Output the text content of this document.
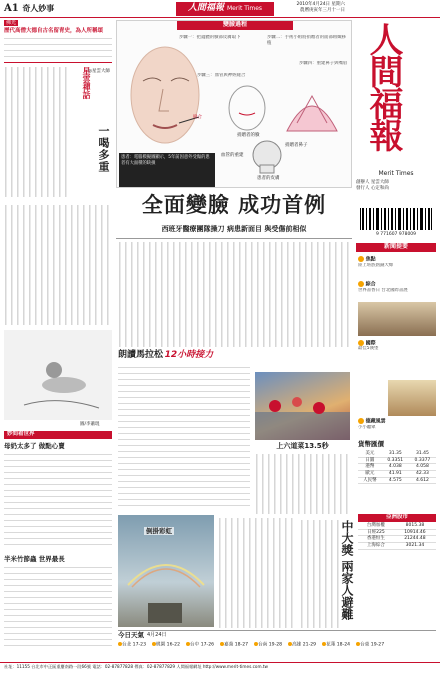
A1 奇人妙事	人間福報 Merit Times
2010年4月24日 星期六
農曆庚寅年三月十一日
佛光
歷代高僧大德自古名留青史，為人所稱頌
星雲禪話
◎星雲大師
一喝多重
圖/李蕭琨
妙問看世界
母奶太多了 做點心賣
半米竹節蟲 世界最長
變臉過程
步驟一：把遺體的臉部皮膚取下	步驟二：手術小組將捐贈者的面部組織移植
步驟三：血管與神經縫合
步驟四：重建鼻子與嘴唇
縫合
捐贈者的臉
捐贈者鼻子
血管的重建
患者的皮膚
患者：電腦模擬圖顯示，5年前因意外受傷的患者有大面積的缺損
全面變臉 成功首例
西班牙醫療團隊操刀 病患新面目 與受傷前相似
朗讀馬拉松 12小時接力
上六道菜13.5秒
倒掛彩虹
人間福報
Merit Times
創辦人 星雲大師
發行人 心定和尚
9 771607 978009
新聞提要
焦點
陸上班族熱錢大爆
綜合
世界書香日 台北國際書展
國際
最佳5漢堡
德藏風雲
小小聽眾
貨幣匯價
美元	31.35	31.45
日圓	0.3351	0.3377
港幣	4.038	4.058
歐元	41.91	42.33
人民幣	4.575	4.612
亞洲股市
台灣加權	8015.38
日經225	10914.46
香港恒生	21244.48
上海綜合	3021.34
中大獎 兩家人避難
今日天氣 4月24日
台北 17-23	桃園 16-22	台中 17-26	嘉義 18-27	台南 19-28	高雄 21-29	花蓮 18-24	台東 19-27
社址：11155 台北市中正區重慶南路一段66號 電話：02-87877828 傳真：02-87877829 人間福報網址 http://www.merit-times.com.tw
